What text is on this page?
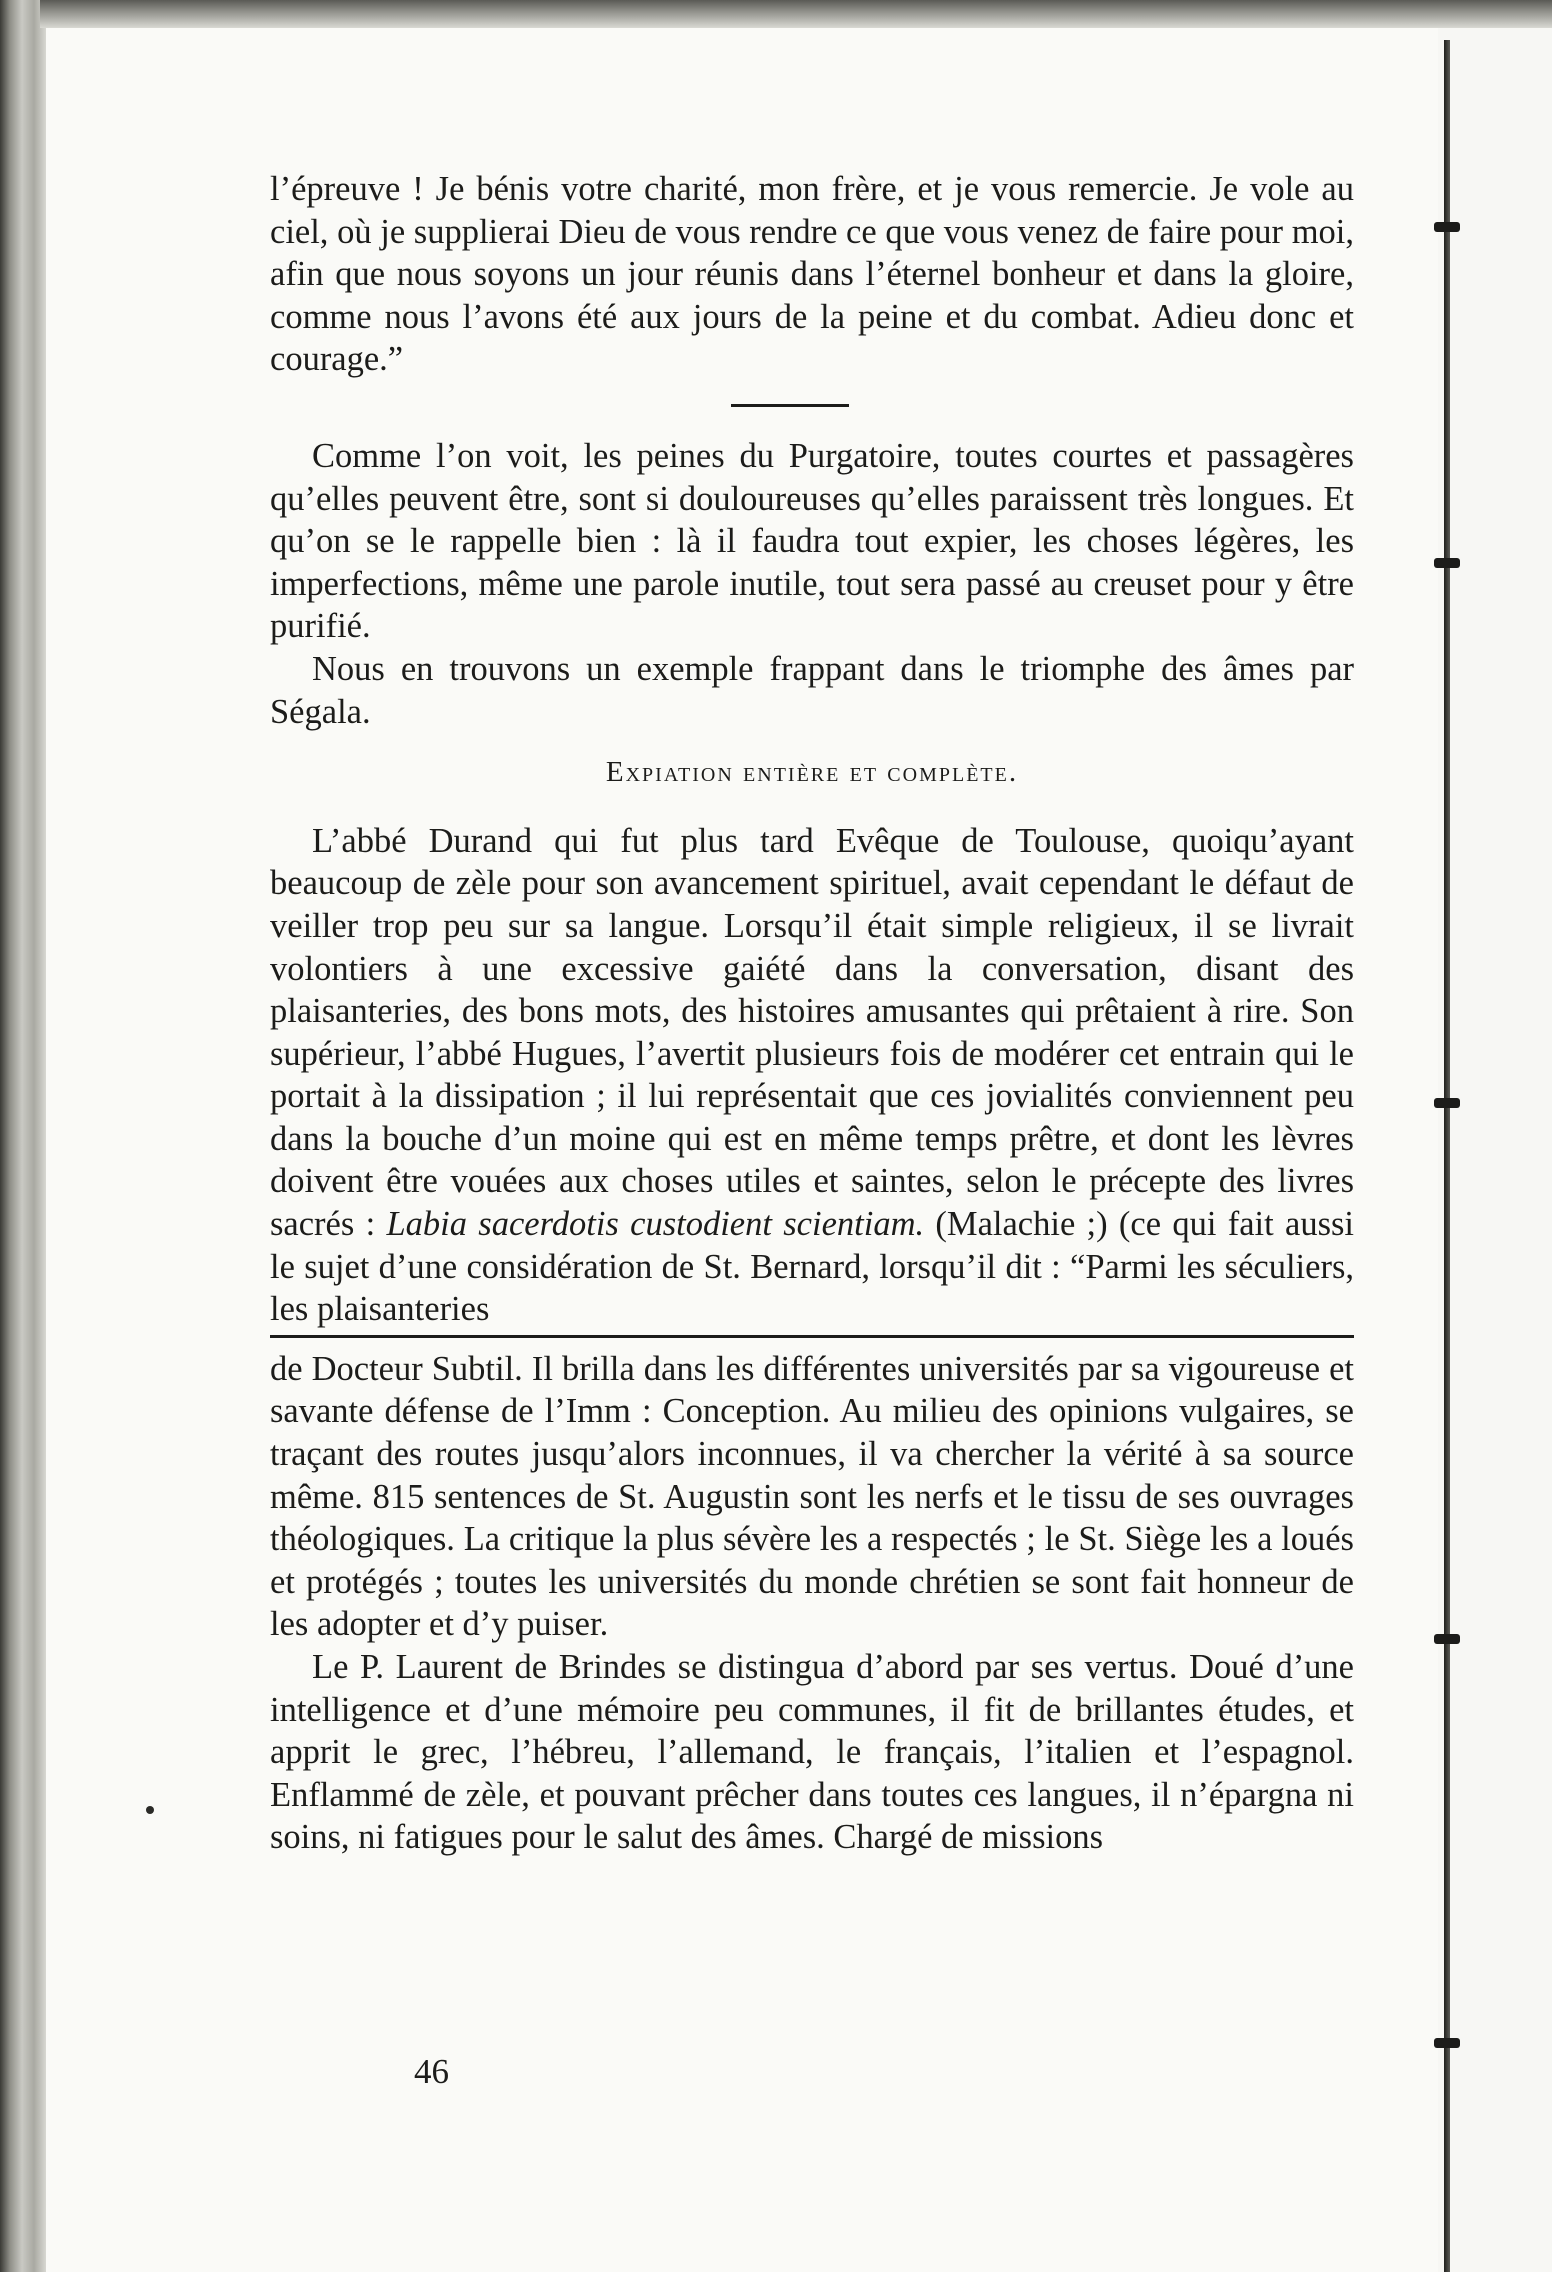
l’épreuve ! Je bénis votre charité, mon frère, et je vous remercie. Je vole au ciel, où je supplierai Dieu de vous rendre ce que vous venez de faire pour moi, afin que nous soyons un jour réunis dans l’éternel bonheur et dans la gloire, comme nous l’avons été aux jours de la peine et du combat. Adieu donc et courage.”

Comme l’on voit, les peines du Purgatoire, toutes courtes et passagères qu’elles peuvent être, sont si douloureuses qu’elles paraissent très longues. Et qu’on se le rappelle bien : là il faudra tout expier, les choses légères, les imperfections, même une parole inutile, tout sera passé au creuset pour y être purifié.

Nous en trouvons un exemple frappant dans le triomphe des âmes par Ségala.

Expiation entière et complète.

L’abbé Durand qui fut plus tard Evêque de Toulouse, quoiqu’ayant beaucoup de zèle pour son avancement spirituel, avait cependant le défaut de veiller trop peu sur sa langue. Lorsqu’il était simple religieux, il se livrait volontiers à une excessive gaiété dans la conversation, disant des plaisanteries, des bons mots, des histoires amusantes qui prêtaient à rire. Son supérieur, l’abbé Hugues, l’avertit plusieurs fois de modérer cet entrain qui le portait à la dissipation ; il lui représentait que ces jovialités conviennent peu dans la bouche d’un moine qui est en même temps prêtre, et dont les lèvres doivent être vouées aux choses utiles et saintes, selon le précepte des livres sacrés : Labia sacerdotis custodient scientiam. (Malachie ;) (ce qui fait aussi le sujet d’une considération de St. Bernard, lorsqu’il dit : “Parmi les séculiers, les plaisanteries

de Docteur Subtil. Il brilla dans les différentes universités par sa vigoureuse et savante défense de l’Imm : Conception. Au milieu des opinions vulgaires, se traçant des routes jusqu’alors inconnues, il va chercher la vérité à sa source même. 815 sentences de St. Augustin sont les nerfs et le tissu de ses ouvrages théologiques. La critique la plus sévère les a respectés ; le St. Siège les a loués et protégés ; toutes les universités du monde chrétien se sont fait honneur de les adopter et d’y puiser.

Le P. Laurent de Brindes se distingua d’abord par ses vertus. Doué d’une intelligence et d’une mémoire peu communes, il fit de brillantes études, et apprit le grec, l’hébreu, l’allemand, le français, l’italien et l’espagnol. Enflammé de zèle, et pouvant prêcher dans toutes ces langues, il n’épargna ni soins, ni fatigues pour le salut des âmes. Chargé de missions

46
